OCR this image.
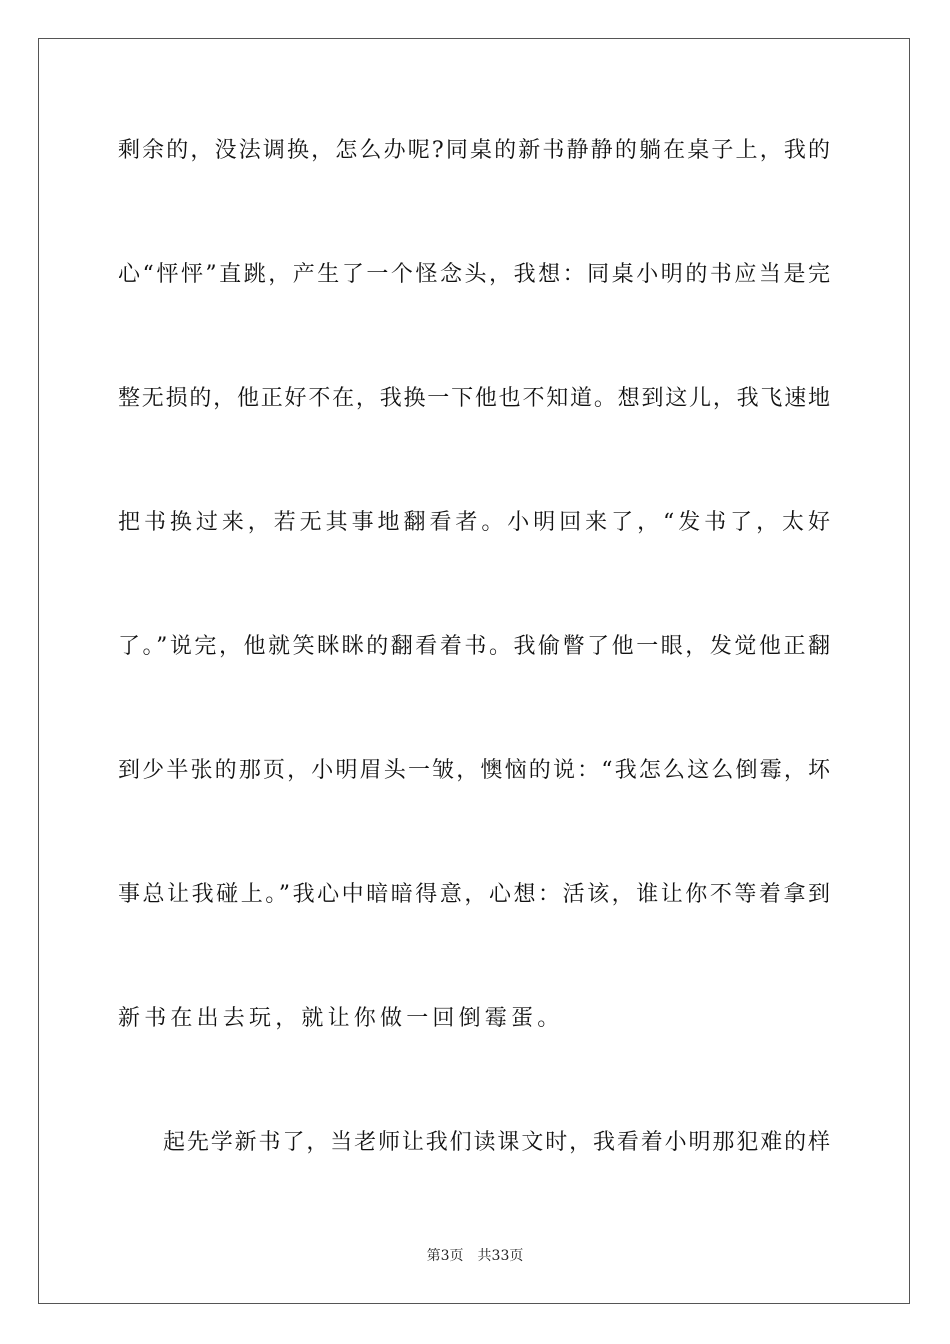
剩余的，没法调换，怎么办呢?同桌的新书静静的躺在桌子上，我的
心“怦怦”直跳，产生了一个怪念头，我想：同桌小明的书应当是完
整无损的，他正好不在，我换一下他也不知道。想到这儿，我飞速地
把书换过来，若无其事地翻看者。小明回来了，“发书了，太好
了。”说完，他就笑眯眯的翻看着书。我偷瞥了他一眼，发觉他正翻
到少半张的那页，小明眉头一皱，懊恼的说：“我怎么这么倒霉，坏
事总让我碰上。”我心中暗暗得意，心想：活该，谁让你不等着拿到
新书在出去玩，就让你做一回倒霉蛋。
起先学新书了，当老师让我们读课文时，我看着小明那犯难的样
第3页 共33页
